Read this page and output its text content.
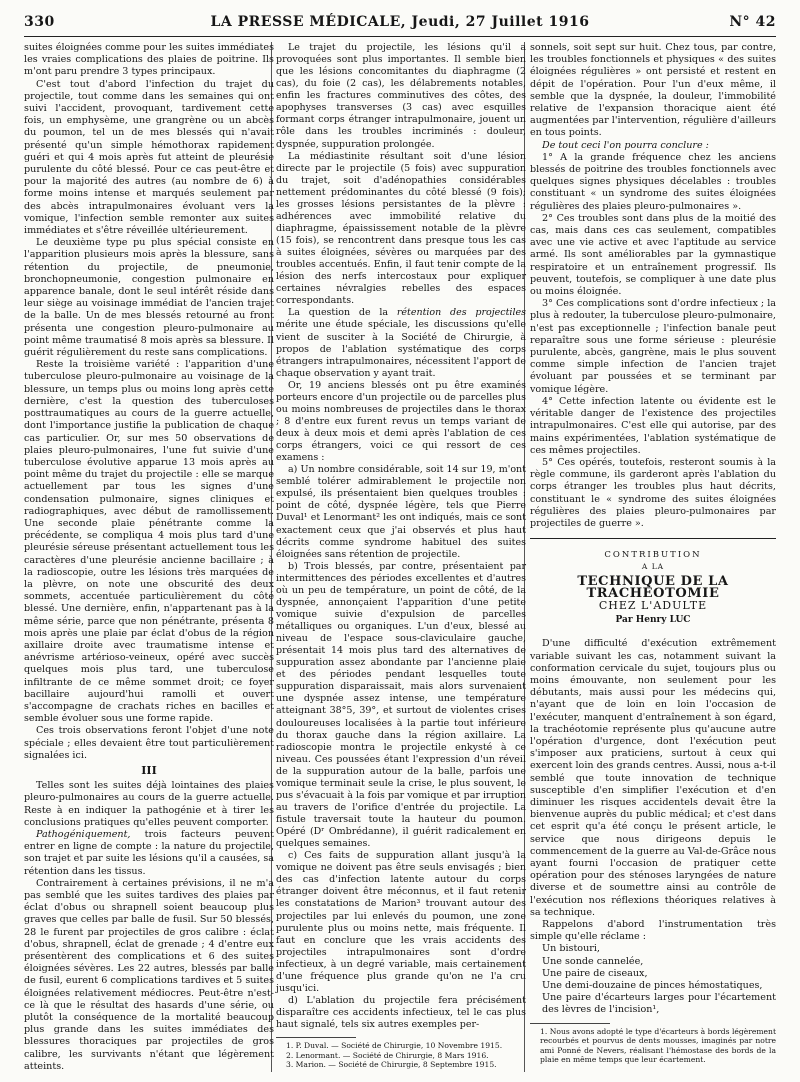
330	LA PRESSE MÉDICALE, Jeudi, 27 Juillet 1916	N° 42

suites éloignées comme pour les suites immédiates les vraies complications des plaies de poitrine. Ils m'ont paru prendre 3 types principaux.

C'est tout d'abord l'infection du trajet du projectile, tout comme dans les semaines qui ont suivi l'accident, provoquant, tardivement cette fois, un emphysème, une grangrène ou un abcès du poumon, tel un de mes blessés qui n'avait présenté qu'un simple hémothorax rapidement guéri et qui 4 mois après fut atteint de pleurésie purulente du côté blessé. Pour ce cas peut-être et pour la majorité des autres (au nombre de 6) à forme moins intense et marqués seulement par des abcès intrapulmonaires évoluant vers la vomique, l'infection semble remonter aux suites immédiates et s'être réveillée ultérieurement.

Le deuxième type pu plus spécial consiste en l'apparition plusieurs mois après la blessure, sans rétention du projectile, de pneumonie, bronchopneumonie, congestion pulmonaire en apparence banale, dont le seul intérêt réside dans leur siège au voisinage immédiat de l'ancien trajet de la balle. Un de mes blessés retourné au front présenta une congestion pleuro-pulmonaire au point même traumatisé 8 mois après sa blessure. Il guérit régulièrement du reste sans complications.

Reste la troisième variété : l'apparition d'une tuberculose pleuro-pulmonaire au voisinage de la blessure, un temps plus ou moins long après cette dernière, c'est la question des tuberculoses posttraumatiques au cours de la guerre actuelle, dont l'importance justifie la publication de chaque cas particulier. Or, sur mes 50 observations de plaies pleuro-pulmonaires, l'une fut suivie d'une tuberculose évolutive apparue 13 mois après au point même du trajet du projectile : elle se marque actuellement par tous les signes d'une condensation pulmonaire, signes cliniques et radiographiques, avec début de ramollissement. Une seconde plaie pénétrante comme la précédente, se compliqua 4 mois plus tard d'une pleurésie séreuse présentant actuellement tous les caractères d'une pleurésie ancienne bacillaire ; à la radioscopie, outre les lésions très marquées de la plèvre, on note une obscurité des deux sommets, accentuée particulièrement du côté blessé. Une dernière, enfin, n'appartenant pas à la même série, parce que non pénétrante, présenta 8 mois après une plaie par éclat d'obus de la région axillaire droite avec traumatisme intense et anévrisme artérioso-veineux, opéré avec succès quelques mois plus tard, une tuberculose infiltrante de ce même sommet droit; ce foyer bacillaire aujourd'hui ramolli et ouvert s'accompagne de crachats riches en bacilles et semble évoluer sous une forme rapide.

Ces trois observations feront l'objet d'une note spéciale ; elles devaient être tout particulièrement signalées ici.

III

Telles sont les suites déjà lointaines des plaies pleuro-pulmonaires au cours de la guerre actuelle. Reste à en indiquer la pathogénie et à tirer les conclusions pratiques qu'elles peuvent comporter.

Pathogéniquement, trois facteurs peuvent entrer en ligne de compte : la nature du projectile, son trajet et par suite les lésions qu'il a causées, sa rétention dans les tissus.

Contrairement à certaines prévisions, il ne m'a pas semblé que les suites tardives des plaies par éclat d'obus ou shrapnell soient beaucoup plus graves que celles par balle de fusil. Sur 50 blessés, 28 le furent par projectiles de gros calibre : éclat d'obus, shrapnell, éclat de grenade ; 4 d'entre eux présentèrent des complications et 6 des suites éloignées sévères. Les 22 autres, blessés par balle de fusil, eurent 6 complications tardives et 5 suites éloignées relativement médiocres. Peut-être n'est-ce là que le résultat des hasards d'une série, ou plutôt la conséquence de la mortalité beaucoup plus grande dans les suites immédiates des blessures thoraciques par projectiles de gros calibre, les survivants n'étant que légèrement atteints.

Le trajet du projectile, les lésions qu'il a provoquées sont plus importantes. Il semble bien que les lésions concomitantes du diaphragme (2 cas), du foie (2 cas), les délabrements notables, enfin les fractures comminutives des côtes, des apophyses transverses (3 cas) avec esquilles formant corps étranger intrapulmonaire, jouent un rôle dans les troubles incriminés : douleur, dyspnée, suppuration prolongée.

La médiastinite résultant soit d'une lésion directe par le projectile (5 fois) avec suppuration du trajet, soit d'adénopathies considérables nettement prédominantes du côté blessé (9 fois); les grosses lésions persistantes de la plèvre : adhérences avec immobilité relative du diaphragme, épaississement notable de la plèvre (15 fois), se rencontrent dans presque tous les cas à suites éloignées, sévères ou marquées par des troubles accentués. Enfin, il faut tenir compte de la lésion des nerfs intercostaux pour expliquer certaines névralgies rebelles des espaces correspondants.

La question de la rétention des projectiles mérite une étude spéciale, les discussions qu'elle vient de susciter à la Société de Chirurgie, à propos de l'ablation systématique des corps étrangers intrapulmonaires, nécessitent l'apport de chaque observation y ayant trait.

Or, 19 anciens blessés ont pu être examinés porteurs encore d'un projectile ou de parcelles plus ou moins nombreuses de projectiles dans le thorax ; 8 d'entre eux furent revus un temps variant de deux à deux mois et demi après l'ablation de ces corps étrangers, voici ce qui ressort de ces examens :

a) Un nombre considérable, soit 14 sur 19, m'ont semblé tolérer admirablement le projectile non expulsé, ils présentaient bien quelques troubles : point de côté, dyspnée légère, tels que Pierre Duval¹ et Lenormant² les ont indiqués, mais ce sont exactement ceux que j'ai observés et plus haut décrits comme syndrome habituel des suites éloignées sans rétention de projectile.

b) Trois blessés, par contre, présentaient par intermittences des périodes excellentes et d'autres où un peu de température, un point de côté, de la dyspnée, annonçaient l'apparition d'une petite vomique suivie d'expulsion de parcelles métalliques ou organiques. L'un d'eux, blessé au niveau de l'espace sous-claviculaire gauche, présentait 14 mois plus tard des alternatives de suppuration assez abondante par l'ancienne plaie et des périodes pendant lesquelles toute suppuration disparaissait, mais alors survenaient une dyspnée assez intense, une température atteignant 38°5, 39°, et surtout de violentes crises douloureuses localisées à la partie tout inférieure du thorax gauche dans la région axillaire. La radioscopie montra le projectile enkysté à ce niveau. Ces poussées étant l'expression d'un réveil de la suppuration autour de la balle, parfois une vomique terminait seule la crise, le plus souvent, le pus s'évacuait à la fois par vomique et par irruption au travers de l'orifice d'entrée du projectile. La fistule traversait toute la hauteur du poumon. Opéré (Dʳ Ombrédanne), il guérit radicalement en quelques semaines.

c) Ces faits de suppuration allant jusqu'à la vomique ne doivent pas être seuls envisagés ; bien des cas d'infection latente autour du corps étranger doivent être méconnus, et il faut retenir les constatations de Marion³ trouvant autour des projectiles par lui enlevés du poumon, une zone purulente plus ou moins nette, mais fréquente. Il faut en conclure que les vrais accidents des projectiles intrapulmonaires sont d'ordre infectieux, à un degré variable, mais certainement d'une fréquence plus grande qu'on ne l'a cru jusqu'ici.

d) L'ablation du projectile fera précisément disparaître ces accidents infectieux, tel le cas plus haut signalé, tels six autres exemples per-

1. P. Duval. — Société de Chirurgie, 10 Novembre 1915.
2. Lenormant. — Société de Chirurgie, 8 Mars 1916.
3. Marion. — Société de Chirurgie, 8 Septembre 1915.

sonnels, soit sept sur huit. Chez tous, par contre, les troubles fonctionnels et physiques « des suites éloignées régulières » ont persisté et restent en dépit de l'opération. Pour l'un d'eux même, il semble que la dyspnée, la douleur, l'immobilité relative de l'expansion thoracique aient été augmentées par l'intervention, régulière d'ailleurs en tous points.

De tout ceci l'on pourra conclure :

1° A la grande fréquence chez les anciens blessés de poitrine des troubles fonctionnels avec quelques signes physiques décelables : troubles constituant « un syndrome des suites éloignées régulières des plaies pleuro-pulmonaires ».

2° Ces troubles sont dans plus de la moitié des cas, mais dans ces cas seulement, compatibles avec une vie active et avec l'aptitude au service armé. Ils sont améliorables par la gymnastique respiratoire et un entraînement progressif. Ils peuvent, toutefois, se compliquer à une date plus ou moins éloignée.

3° Ces complications sont d'ordre infectieux ; la plus à redouter, la tuberculose pleuro-pulmonaire, n'est pas exceptionnelle ; l'infection banale peut reparaître sous une forme sérieuse : pleurésie purulente, abcès, gangrène, mais le plus souvent comme simple infection de l'ancien trajet évoluant par poussées et se terminant par vomique légère.

4° Cette infection latente ou évidente est le véritable danger de l'existence des projectiles intrapulmonaires. C'est elle qui autorise, par des mains expérimentées, l'ablation systématique de ces mêmes projectiles.

5° Ces opérés, toutefois, resteront soumis à la règle commune, ils garderont après l'ablation du corps étranger les troubles plus haut décrits, constituant le « syndrome des suites éloignées régulières des plaies pleuro-pulmonaires par projectiles de guerre ».

CONTRIBUTION
A LA
TECHNIQUE DE LA TRACHÉOTOMIE
CHEZ L'ADULTE
Par Henry LUC

D'une difficulté d'exécution extrêmement variable suivant les cas, notamment suivant la conformation cervicale du sujet, toujours plus ou moins émouvante, non seulement pour les débutants, mais aussi pour les médecins qui, n'ayant que de loin en loin l'occasion de l'exécuter, manquent d'entraînement à son égard, la trachéotomie représente plus qu'aucune autre l'opération d'urgence, dont l'exécution peut s'imposer aux praticiens, surtout à ceux qui exercent loin des grands centres. Aussi, nous a-t-il semblé que toute innovation de technique susceptible d'en simplifier l'exécution et d'en diminuer les risques accidentels devait être la bienvenue auprès du public médical; et c'est dans cet esprit qu'a été conçu le présent article, le service que nous dirigeons depuis le commencement de la guerre au Val-de-Grâce nous ayant fourni l'occasion de pratiquer cette opération pour des sténoses laryngées de nature diverse et de soumettre ainsi au contrôle de l'exécution nos réflexions théoriques relatives à sa technique.

Rappelons d'abord l'instrumentation très simple qu'elle réclame :

Un bistouri,
Une sonde cannelée,
Une paire de ciseaux,
Une demi-douzaine de pinces hémostatiques,
Une paire d'écarteurs larges pour l'écartement des lèvres de l'incision¹,
1. Nous avons adopté le type d'écarteurs à bords légèrement recourbés et pourvus de dents mousses, imaginés par notre ami Ponné de Nevers, réalisant l'hémostase des bords de la plaie en même temps que leur écartement.
